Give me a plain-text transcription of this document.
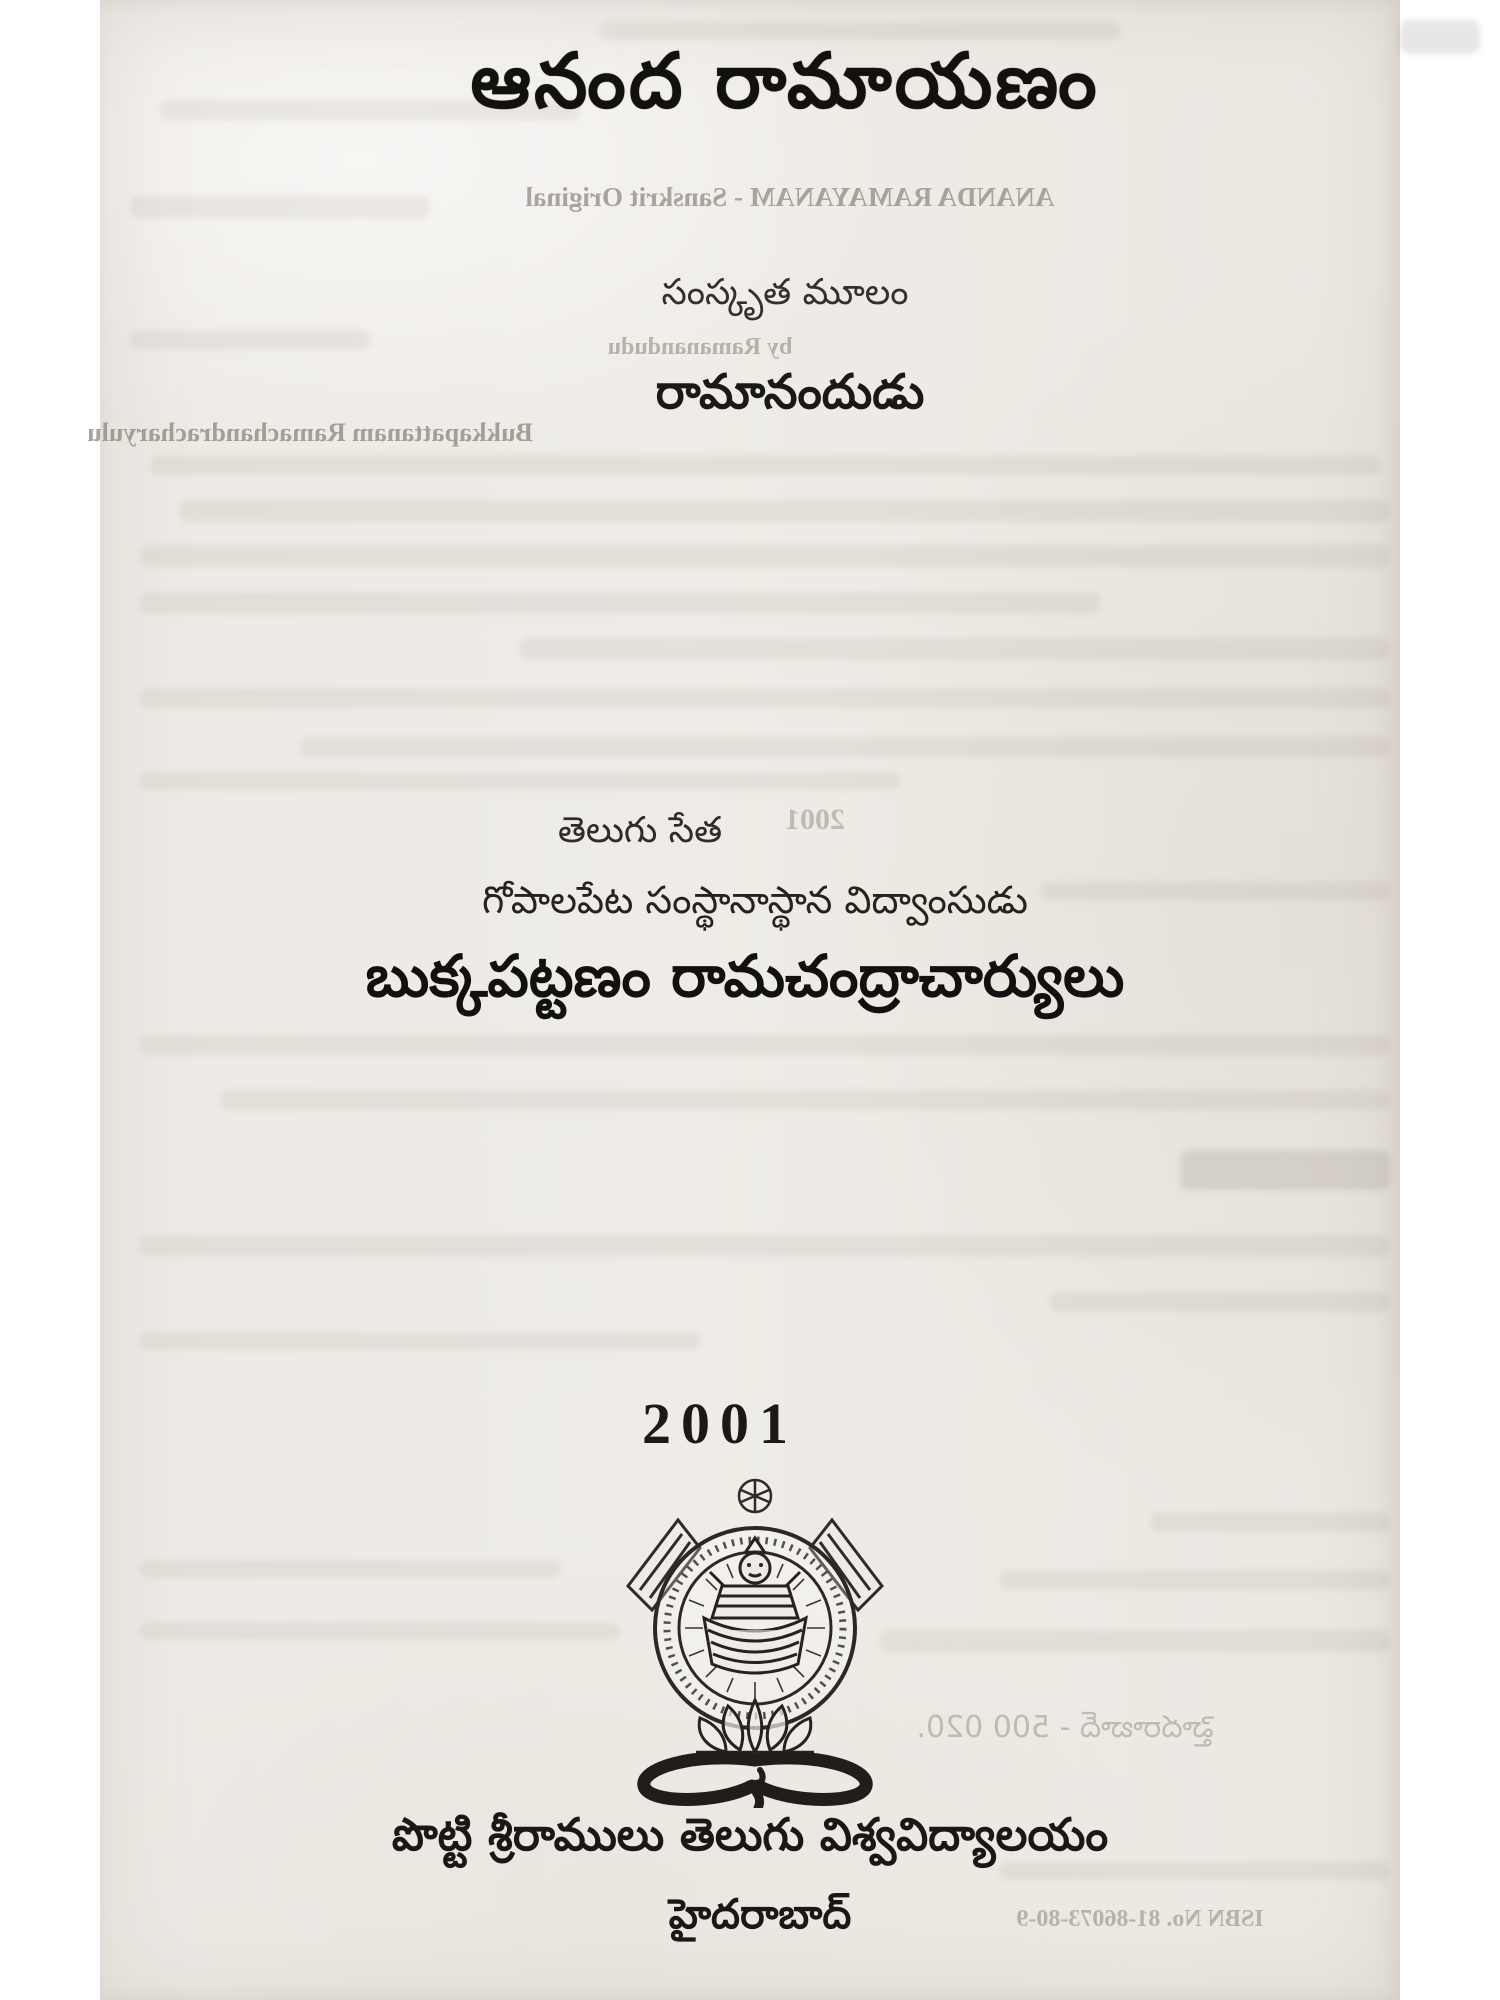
ANANDA RAMAYANAM - Sanskrit Original
by Ramanandudu
Bukkapattanam Ramachandracharyulu
2001
హైదరాబాద్ - 500 020.
ISBN No. 81-86073-80-9
ఆనంద రామాయణం
సంస్కృత మూలం
రామానందుడు
తెలుగు సేత
గోపాలపేట సంస్థానాస్థాన విద్వాంసుడు
బుక్కపట్టణం రామచంద్రాచార్యులు
2001
పొట్టి శ్రీరాములు తెలుగు విశ్వవిద్యాలయం
హైదరాబాద్
